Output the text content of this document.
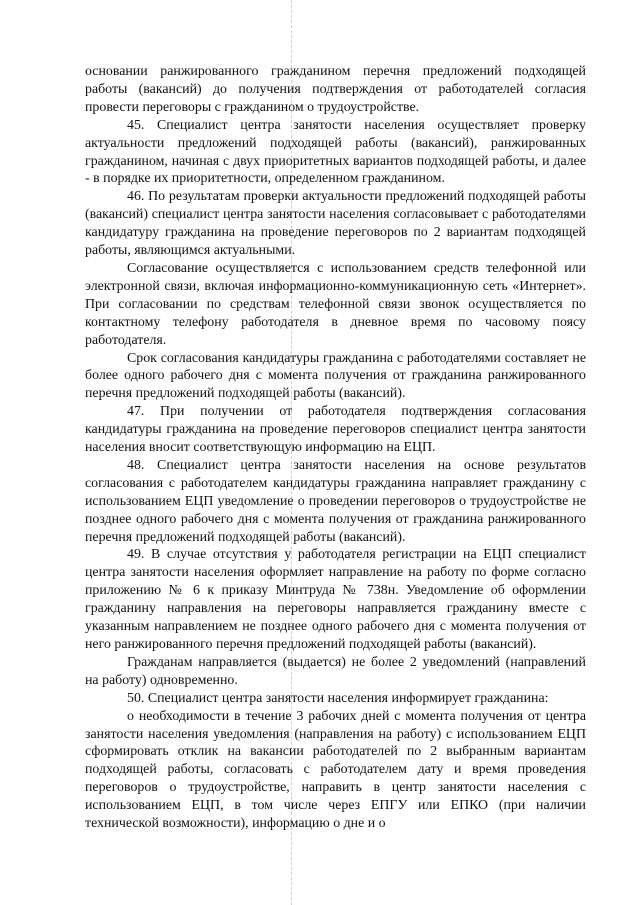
основании ранжированного гражданином перечня предложений подходящей работы (вакансий) до получения подтверждения от работодателей согласия провести переговоры с гражданином о трудоустройстве.

45. Специалист центра занятости населения осуществляет проверку актуальности предложений подходящей работы (вакансий), ранжированных гражданином, начиная с двух приоритетных вариантов подходящей работы, и далее - в порядке их приоритетности, определенном гражданином.

46. По результатам проверки актуальности предложений подходящей работы (вакансий) специалист центра занятости населения согласовывает с работодателями кандидатуру гражданина на проведение переговоров по 2 вариантам подходящей работы, являющимся актуальными.

Согласование осуществляется с использованием средств телефонной или электронной связи, включая информационно-коммуникационную сеть «Интернет». При согласовании по средствам телефонной связи звонок осуществляется по контактному телефону работодателя в дневное время по часовому поясу работодателя.

Срок согласования кандидатуры гражданина с работодателями составляет не более одного рабочего дня с момента получения от гражданина ранжированного перечня предложений подходящей работы (вакансий).

47. При получении от работодателя подтверждения согласования кандидатуры гражданина на проведение переговоров специалист центра занятости населения вносит соответствующую информацию на ЕЦП.

48. Специалист центра занятости населения на основе результатов согласования с работодателем кандидатуры гражданина направляет гражданину с использованием ЕЦП уведомление о проведении переговоров о трудоустройстве не позднее одного рабочего дня с момента получения от гражданина ранжированного перечня предложений подходящей работы (вакансий).

49. В случае отсутствия у работодателя регистрации на ЕЦП специалист центра занятости населения оформляет направление на работу по форме согласно приложению № 6 к приказу Минтруда № 738н. Уведомление об оформлении гражданину направления на переговоры направляется гражданину вместе с указанным направлением не позднее одного рабочего дня с момента получения от него ранжированного перечня предложений подходящей работы (вакансий).

Гражданам направляется (выдается) не более 2 уведомлений (направлений на работу) одновременно.

50. Специалист центра занятости населения информирует гражданина:

о необходимости в течение 3 рабочих дней с момента получения от центра занятости населения уведомления (направления на работу) с использованием ЕЦП сформировать отклик на вакансии работодателей по 2 выбранным вариантам подходящей работы, согласовать с работодателем дату и время проведения переговоров о трудоустройстве, направить в центр занятости населения с использованием ЕЦП, в том числе через ЕПГУ или ЕПКО (при наличии технической возможности), информацию о дне и о
